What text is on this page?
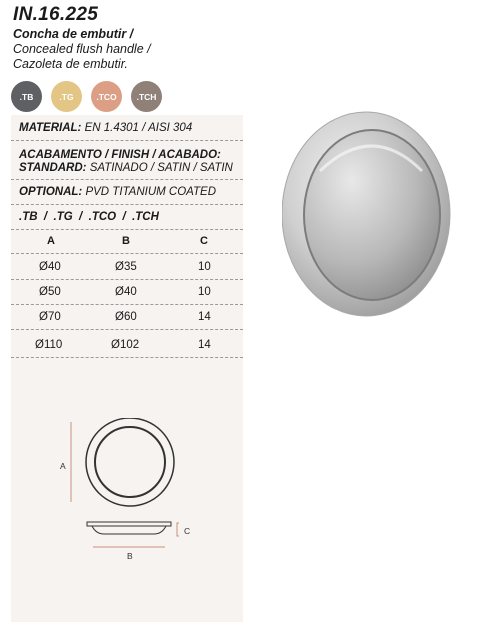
IN.16.225
Concha de embutir /
Concealed flush handle /
Cazoleta de embutir.
.TB	.TG	.TCO .TCH
MATERIAL: EN 1.4301 / AISI 304
ACABAMENTO / FINISH / ACABADO:
STANDARD: SATINADO / SATIN / SATIN
OPTIONAL: PVD TITANIUM COATED
.TB  /  .TG  /  .TCO  /  .TCH
A	B	C
Ø40	Ø35	10
Ø50	Ø40	10
Ø70	Ø60	14
Ø110	Ø102	14
A
B
C
